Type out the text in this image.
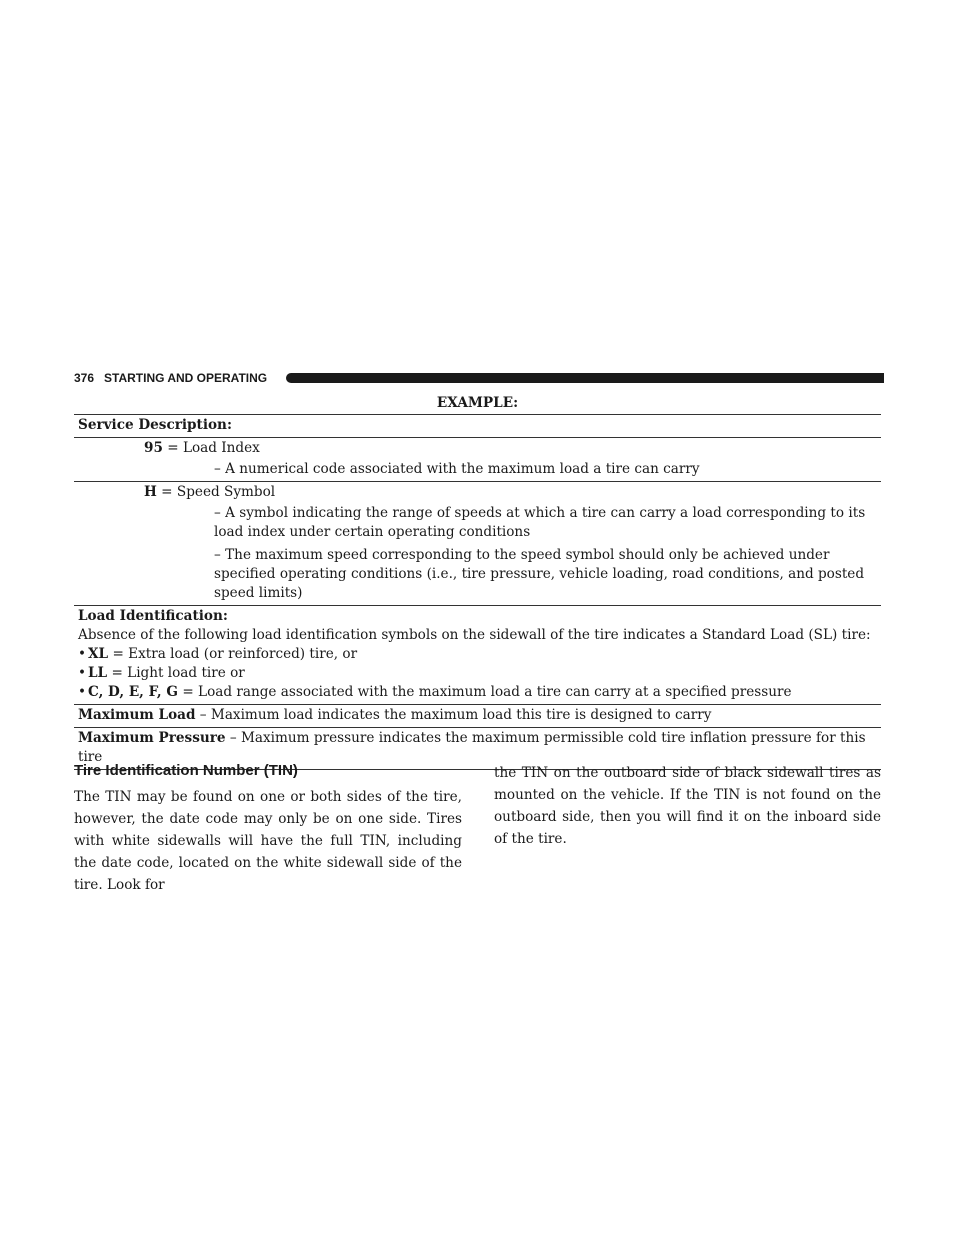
376 STARTING AND OPERATING
EXAMPLE:
Service Description:
95 = Load Index
– A numerical code associated with the maximum load a tire can carry
H = Speed Symbol
– A symbol indicating the range of speeds at which a tire can carry a load corresponding to its load index under certain operating conditions
– The maximum speed corresponding to the speed symbol should only be achieved under specified operating conditions (i.e., tire pressure, vehicle loading, road conditions, and posted speed limits)
Load Identification:
Absence of the following load identification symbols on the sidewall of the tire indicates a Standard Load (SL) tire:
• XL = Extra load (or reinforced) tire, or
• LL = Light load tire or
• C, D, E, F, G = Load range associated with the maximum load a tire can carry at a specified pressure
Maximum Load – Maximum load indicates the maximum load this tire is designed to carry
Maximum Pressure – Maximum pressure indicates the maximum permissible cold tire inflation pressure for this tire
Tire Identification Number (TIN)
The TIN may be found on one or both sides of the tire, however, the date code may only be on one side. Tires with white sidewalls will have the full TIN, including the date code, located on the white sidewall side of the tire. Look for
the TIN on the outboard side of black sidewall tires as mounted on the vehicle. If the TIN is not found on the outboard side, then you will find it on the inboard side of the tire.
